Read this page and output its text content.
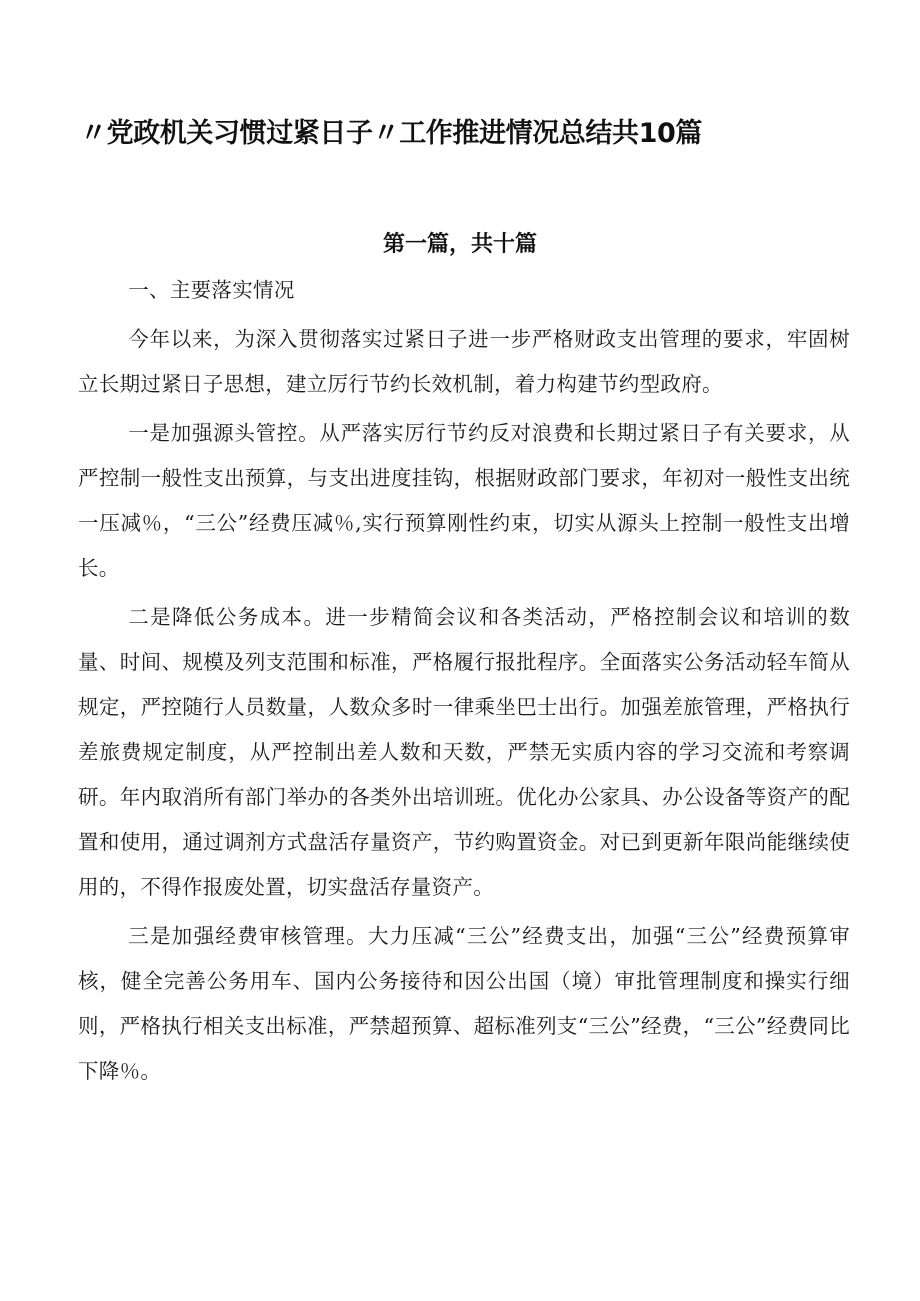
〃党政机关习惯过紧日子〃工作推进情况总结共10篇
第一篇，共十篇

一、主要落实情况

今年以来，为深入贯彻落实过紧日子进一步严格财政支出管理的要求，牢固树立长期过紧日子思想，建立厉行节约长效机制，着力构建节约型政府。

一是加强源头管控。从严落实厉行节约反对浪费和长期过紧日子有关要求，从严控制一般性支出预算，与支出进度挂钩，根据财政部门要求，年初对一般性支出统一压减％，“三公”经费压减％,实行预算刚性约束，切实从源头上控制一般性支出增长。

二是降低公务成本。进一步精简会议和各类活动，严格控制会议和培训的数量、时间、规模及列支范围和标准，严格履行报批程序。全面落实公务活动轻车简从规定，严控随行人员数量，人数众多时一律乘坐巴士出行。加强差旅管理，严格执行差旅费规定制度，从严控制出差人数和天数，严禁无实质内容的学习交流和考察调研。年内取消所有部门举办的各类外出培训班。优化办公家具、办公设备等资产的配置和使用，通过调剂方式盘活存量资产，节约购置资金。对已到更新年限尚能继续使用的，不得作报废处置，切实盘活存量资产。

三是加强经费审核管理。大力压减“三公”经费支出，加强“三公”经费预算审核，健全完善公务用车、国内公务接待和因公出国（境）审批管理制度和操实行细则，严格执行相关支出标准，严禁超预算、超标准列支“三公”经费，“三公”经费同比下降％。
